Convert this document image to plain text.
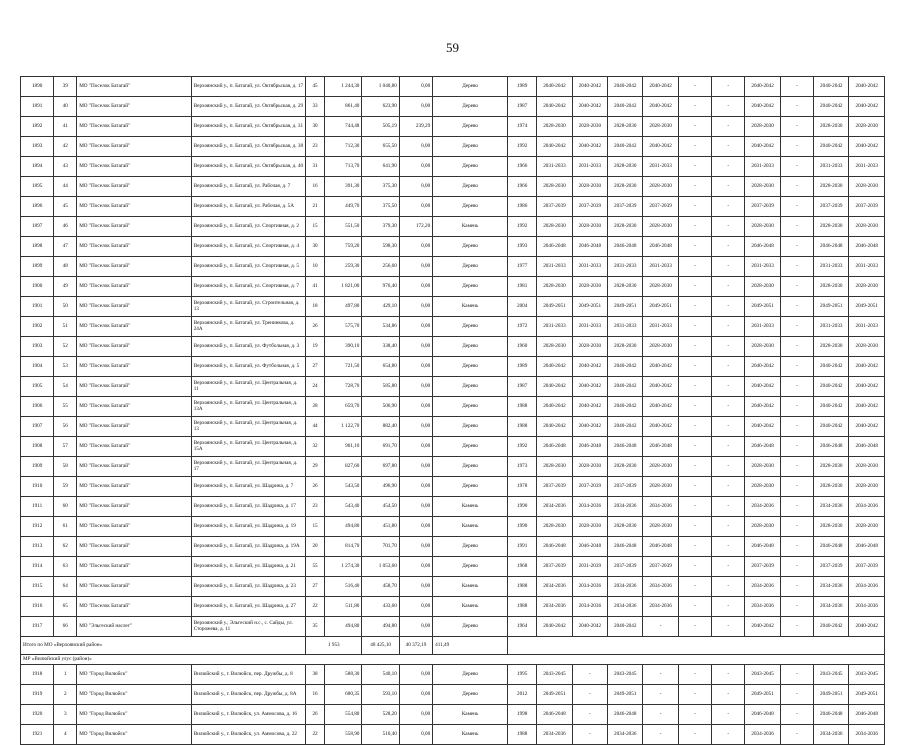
59
1890	39	МО "Поселок Батагай"	Верхоянский у., п. Батагай, ул. Октябрьская, д. 17	45	1 244,30	1 040,80	0,00	Дерево	1989	2040-2042	2040-2042	2040-2042	2040-2042	-	-	2040-2042	-	2040-2042	2040-2042
1891	40	МО "Поселок Батагай"	Верхоянский у., п. Батагай, ул. Октябрьская, д. 29	33	861,40	623,90	0,00	Дерево	1987	2040-2042	2040-2042	2040-2042	2040-2042	-	-	2040-2042	-	2040-2042	2040-2042
1892	41	МО "Поселок Батагай"	Верхоянский у., п. Батагай, ул. Октябрьская, д. 31	30	744,48	505,19	239,29	Дерево	1974	2028-2030	2028-2030	2028-2030	2028-2030	-	-	2028-2030	-	2028-2030	2028-2030
1893	42	МО "Поселок Батагай"	Верхоянский у., п. Батагай, ул. Октябрьская, д. 38	23	712,30	655,50	0,00	Дерево	1992	2040-2042	2040-2042	2040-2042	2040-2042	-	-	2040-2042	-	2040-2042	2040-2042
1894	43	МО "Поселок Батагай"	Верхоянский у., п. Батагай, ул. Октябрьская, д. 40	31	713,70	641,90	0,00	Дерево	1966	2031-2033	2031-2033	2028-2030	2031-2033	-	-	2031-2033	-	2031-2033	2031-2033
1895	44	МО "Поселок Батагай"	Верхоянский у., п. Батагай, ул. Рабочая, д. 7	16	391,30	375,30	0,00	Дерево	1966	2028-2030	2028-2030	2028-2030	2028-2030	-	-	2028-2030	-	2028-2030	2028-2030
1896	45	МО "Поселок Батагай"	Верхоянский у., п. Батагай, ул. Рабочая, д. 5А	21	449,70	375,50	0,00	Дерево	1986	2037-2039	2037-2039	2037-2039	2037-2039	-	-	2037-2039	-	2037-2039	2037-2039
1897	46	МО "Поселок Батагай"	Верхоянский у., п. Батагай, ул. Спортивная, д. 2	15	551,50	379,30	172,20	Камень	1992	2028-2030	2028-2030	2028-2030	2028-2030	-	-	2028-2030	-	2028-2030	2028-2030
1898	47	МО "Поселок Батагай"	Верхоянский у., п. Батагай, ул. Спортивная, д. 4	30	759,20	598,30	0,00	Дерево	1993	2046-2048	2046-2048	2046-2048	2046-2048	-	-	2046-2048	-	2046-2048	2046-2048
1899	48	МО "Поселок Батагай"	Верхоянский у., п. Батагай, ул. Спортивная, д. 5	10	259,30	256,60	0,00	Дерево	1977	2031-2033	2031-2033	2031-2033	2031-2033	-	-	2031-2033	-	2031-2033	2031-2033
1900	49	МО "Поселок Батагай"	Верхоянский у., п. Батагай, ул. Спортивная, д. 7	41	1 821,00	976,40	0,00	Дерево	1981	2028-2030	2028-2030	2028-2030	2028-2030	-	-	2028-2030	-	2028-2030	2028-2030
1901	50	МО "Поселок Батагай"	Верхоянский у., п. Батагай, ул. Строительная, д. 13	18	497,80	429,10	0,00	Камень	2004	2049-2051	2049-2051	2049-2051	2049-2051	-	-	2049-2051	-	2049-2051	2049-2051
1902	51	МО "Поселок Батагай"	Верхоянский у., п. Батагай, ул. Тренинкова, д. 24А	26	575,70	534,86	0,00	Дерево	1972	2031-2033	2031-2033	2031-2033	2031-2033	-	-	2031-2033	-	2031-2033	2031-2033
1903	52	МО "Поселок Батагай"	Верхоянский у., п. Батагай, ул. Футбольная, д. 3	19	390,10	338,40	0,00	Дерево	1960	2028-2030	2028-2030	2028-2030	2028-2030	-	-	2028-2030	-	2028-2030	2028-2030
1904	53	МО "Поселок Батагай"	Верхоянский у., п. Батагай, ул. Футбольная, д. 5	27	721,50	654,80	0,00	Дерево	1989	2040-2042	2040-2042	2040-2042	2040-2042	-	-	2040-2042	-	2040-2042	2040-2042
1905	54	МО "Поселок Батагай"	Верхоянский у., п. Батагай, ул. Центральная, д. 11	24	728,70	585,80	0,00	Дерево	1987	2040-2042	2040-2042	2040-2042	2040-2042	-	-	2040-2042	-	2040-2042	2040-2042
1906	55	МО "Поселок Батагай"	Верхоянский у., п. Батагай, ул. Центральная, д. 13А	28	659,70	506,90	0,00	Дерево	1988	2040-2042	2040-2042	2040-2042	2040-2042	-	-	2040-2042	-	2040-2042	2040-2042
1907	56	МО "Поселок Батагай"	Верхоянский у., п. Батагай, ул. Центральная, д. 13	44	1 122,70	882,40	0,00	Дерево	1988	2040-2042	2040-2042	2040-2042	2040-2042	-	-	2040-2042	-	2040-2042	2040-2042
1908	57	МО "Поселок Батагай"	Верхоянский у., п. Батагай, ул. Центральная, д. 15А	32	901,10	691,70	0,00	Дерево	1992	2046-2048	2046-2048	2046-2048	2046-2048	-	-	2046-2048	-	2046-2048	2046-2048
1909	58	МО "Поселок Батагай"	Верхоянский у., п. Батагай, ул. Центральная, д. 17	29	827,60	697,80	0,00	Дерево	1973	2028-2030	2028-2030	2028-2030	2028-2030	-	-	2028-2030	-	2028-2030	2028-2030
1910	59	МО "Поселок Батагай"	Верхоянский у., п. Батагай, ул. Шадрина, д. 7	26	543,50	496,90	0,00	Дерево	1978	2037-2039	2037-2039	2037-2039	2028-2030	-	-	2028-2030	-	2028-2030	2028-2030
1911	60	МО "Поселок Батагай"	Верхоянский у., п. Батагай, ул. Шадрина, д. 17	23	543,40	454,50	0,00	Камень	1990	2034-2036	2034-2036	2034-2036	2034-2036	-	-	2034-2036	-	2034-2036	2034-2036
1912	61	МО "Поселок Батагай"	Верхоянский у., п. Батагай, ул. Шадрина, д. 19	15	494,80	451,80	0,00	Камень	1990	2028-2030	2028-2030	2028-2030	2028-2030	-	-	2028-2030	-	2028-2030	2028-2030
1913	62	МО "Поселок Батагай"	Верхоянский у., п. Батагай, ул. Шадрина, д. 19А	20	814,70	701,70	0,00	Дерево	1991	2046-2048	2046-2048	2046-2048	2046-2048	-	-	2046-2048	-	2046-2048	2046-2048
1914	63	МО "Поселок Батагай"	Верхоянский у., п. Батагай, ул. Шадрина, д. 21	55	1 274,30	1 053,60	0,00	Дерево	1968	2037-2039	2031-2039	2037-2039	2037-2039	-	-	2037-2039	-	2037-2039	2037-2039
1915	64	МО "Поселок Батагай"	Верхоянский у., п. Батагай, ул. Шадрина, д. 23	27	516,40	458,70	0,00	Камень	1988	2034-2036	2034-2036	2034-2036	2034-2036	-	-	2034-2036	-	2034-2036	2034-2036
1916	65	МО "Поселок Батагай"	Верхоянский у., п. Батагай, ул. Шадрина, д. 27	22	511,80	433,60	0,00	Камень	1988	2034-2036	2034-2036	2034-2036	2034-2036	-	-	2034-2036	-	2034-2036	2034-2036
1917	66	МО "Эльгеский наслег"	Верхоянский у., Эльгеский н.с., с. Сайды, ул. Сторожева, д. 11	35	494,80	494,80	0,00	Дерево	1964	2040-2042	2040-2042	2040-2042	-	-	-	2040-2042	-	2040-2042	2040-2042
Итого по МО «Верхоянский район»				1 953		48 425,10	40 372,19	411,49											
МР «Вилюйский улус (район)»																			
1918	1	МО "Город Вилюйск"	Вилюйский у., г. Вилюйск, пер. Дружбы, д. 8	38	588,30	540,10	0,00	Дерево	1995	2043-2045	-	2043-2045	-	-	-	2043-2045	-	2043-2045	2043-2045
1919	2	МО "Город Вилюйск"	Вилюйский у., г. Вилюйск, пер. Дружбы, д. 8А	16	680,35	593,10	0,00	Дерево	2012	2049-2051	-	2049-2051	-	-	-	2049-2051	-	2049-2051	2049-2051
1920	3	МО "Город Вилюйск"	Вилюйский у., г. Вилюйск, ул. Аммосова, д. 16	26	554,80	528,20	0,00	Камень	1998	2046-2048	-	2046-2048	-	-	-	2046-2048	-	2046-2048	2046-2048
1921	4	МО "Город Вилюйск"	Вилюйский у., г. Вилюйск, ул. Аммосова, д. 22	22	558,90	510,40	0,00	Камень	1988	2034-2036	-	2034-2036	-	-	-	2034-2036	-	2034-2036	2034-2036
